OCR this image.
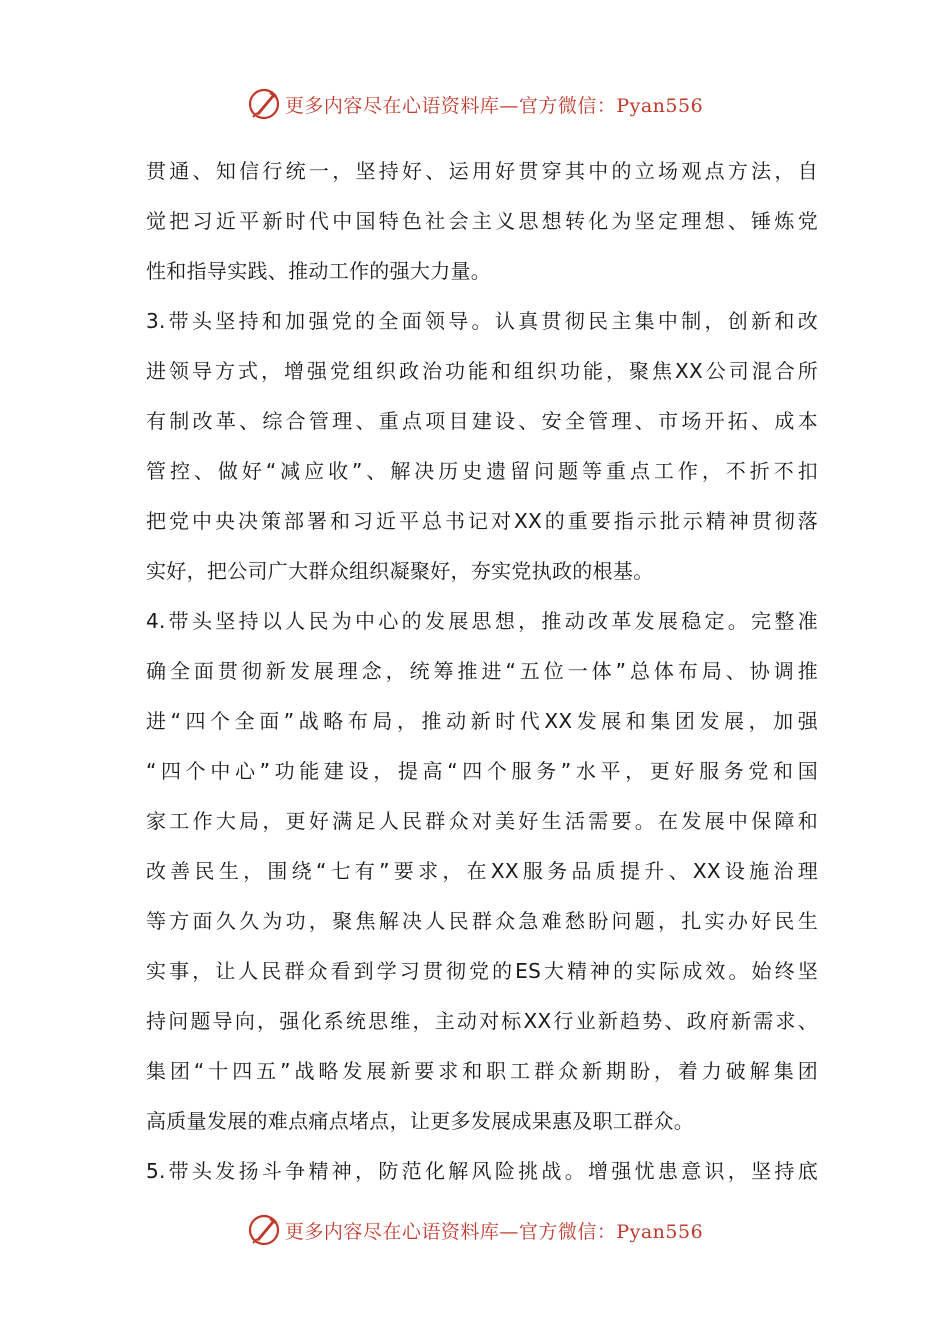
更多内容尽在心语资料库—官方微信：Pyan556
贯通、知信行统一，坚持好、运用好贯穿其中的立场观点方法，自
觉把习近平新时代中国特色社会主义思想转化为坚定理想、锤炼党
性和指导实践、推动工作的强大力量。
3.带头坚持和加强党的全面领导。认真贯彻民主集中制，创新和改
进领导方式，增强党组织政治功能和组织功能，聚焦XX公司混合所
有制改革、综合管理、重点项目建设、安全管理、市场开拓、成本
管控、做好“减应收”、解决历史遗留问题等重点工作，不折不扣
把党中央决策部署和习近平总书记对XX的重要指示批示精神贯彻落
实好，把公司广大群众组织凝聚好，夯实党执政的根基。
4.带头坚持以人民为中心的发展思想，推动改革发展稳定。完整准
确全面贯彻新发展理念，统筹推进“五位一体”总体布局、协调推
进“四个全面”战略布局，推动新时代XX发展和集团发展，加强
“四个中心”功能建设，提高“四个服务”水平，更好服务党和国
家工作大局，更好满足人民群众对美好生活需要。在发展中保障和
改善民生，围绕“七有”要求，在XX服务品质提升、XX设施治理
等方面久久为功，聚焦解决人民群众急难愁盼问题，扎实办好民生
实事，让人民群众看到学习贯彻党的ES大精神的实际成效。始终坚
持问题导向，强化系统思维，主动对标XX行业新趋势、政府新需求、
集团“十四五”战略发展新要求和职工群众新期盼，着力破解集团
高质量发展的难点痛点堵点，让更多发展成果惠及职工群众。
5.带头发扬斗争精神，防范化解风险挑战。增强忧患意识，坚持底
更多内容尽在心语资料库—官方微信：Pyan556
